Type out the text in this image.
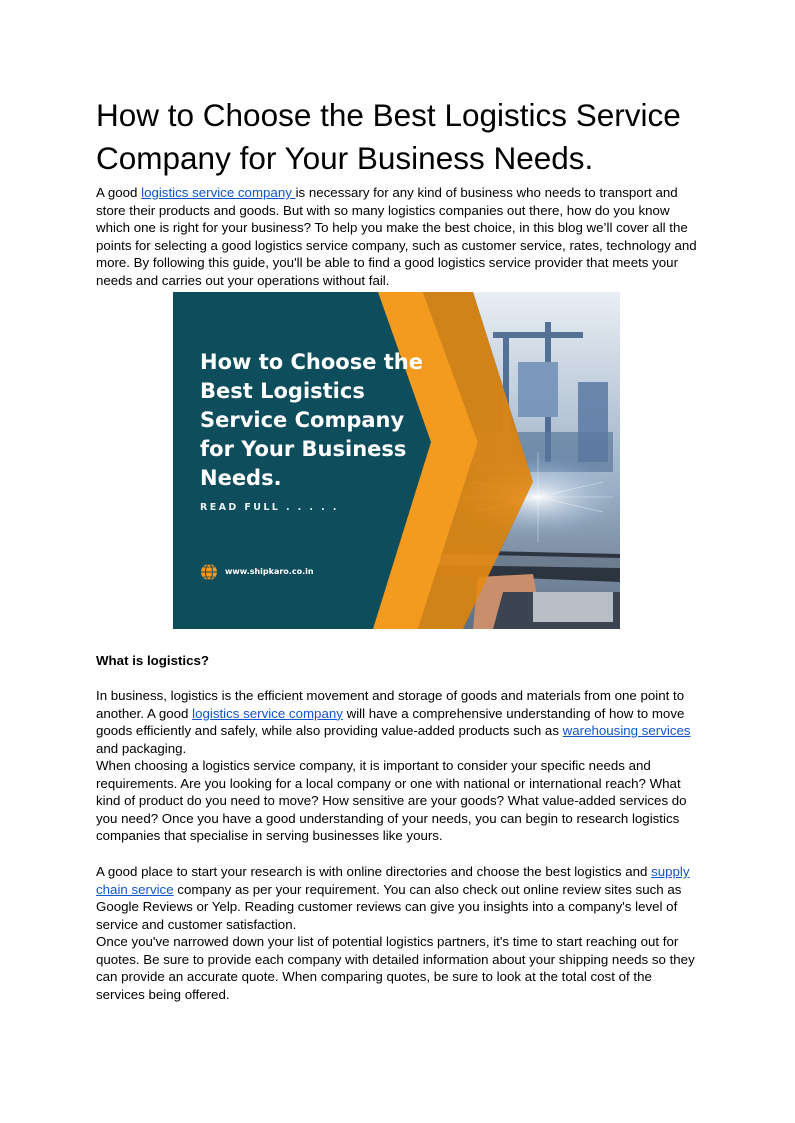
How to Choose the Best Logistics Service Company for Your Business Needs.

A good logistics service company is necessary for any kind of business who needs to transport and store their products and goods. But with so many logistics companies out there, how do you know which one is right for your business? To help you make the best choice, in this blog we’ll cover all the points for selecting a good logistics service company, such as customer service, rates, technology and more. By following this guide, you'll be able to find a good logistics service provider that meets your needs and carries out your operations without fail.

What is logistics?

In business, logistics is the efficient movement and storage of goods and materials from one point to another. A good logistics service company will have a comprehensive understanding of how to move goods efficiently and safely, while also providing value-added products such as warehousing services and packaging.

When choosing a logistics service company, it is important to consider your specific needs and requirements. Are you looking for a local company or one with national or international reach? What kind of product do you need to move? How sensitive are your goods? What value-added services do you need? Once you have a good understanding of your needs, you can begin to research logistics companies that specialise in serving businesses like yours.

A good place to start your research is with online directories and choose the best logistics and supply chain service company as per your requirement. You can also check out online review sites such as Google Reviews or Yelp. Reading customer reviews can give you insights into a company's level of service and customer satisfaction.

Once you've narrowed down your list of potential logistics partners, it's time to start reaching out for quotes. Be sure to provide each company with detailed information about your shipping needs so they can provide an accurate quote. When comparing quotes, be sure to look at the total cost of the services being offered.

How to Choose the Best Logistics Service Company for Your Business Needs.
READ FULL . . . . .
www.shipkaro.co.in
